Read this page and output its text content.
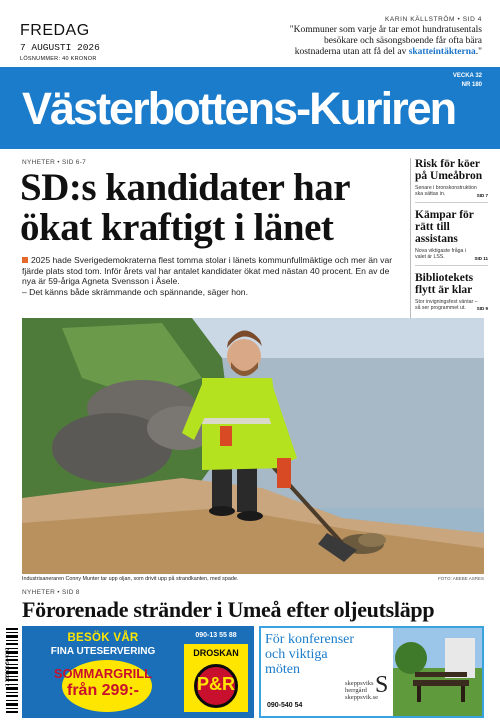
FREDAG
7 AUGUSTI 2026
LÖSNUMMER: 40 KRONOR
KARIN KÄLLSTRÖM • SID 4
"Kommuner som varje år tar emot hundratusentals
besökare och säsongsboende får ofta bära
kostnaderna utan att få del av skatteintäkterna."
Västerbottens-Kuriren
VECKA 32
NR 180
NYHETER • SID 6-7
SD:s kandidater har
ökat kraftigt i länet
2025 hade Sverigedemokraterna flest tomma stolar i länets kommunfullmäktige och mer än var fjärde plats stod tom. Inför årets val har antalet kandidater ökat med nästan 40 procent. En av de nya är 59-åriga Agneta Svensson i Åsele.
– Det känns både skrämmande och spännande, säger hon.
Risk för köer på Umeåbron
Senare i bronskonstruktion ska sättas in.	SID 7
Kämpar för rätt till assistans
Nova viktigaste fråga i valet är LSS.	SID 11
Bibliotekets flytt är klar
Stor invigningsfest väntar – så ser programmet ut.	SID 9
Industrisaneraren Conny Munter tar upp oljan, som drivit upp på strandkanten, med spade.	FOTO: ABEBE ASRES
NYHETER • SID 8
Förorenade stränder i Umeå efter oljeutsläpp
7 388100 504002
BESÖK VÅR
FINA UTESERVERING
SOMMARGRILL
från 299:-
090-13 55 88
DROSKAN
P&R
För konferenser
och viktiga
möten
090-540 54
skeppsviks
herrgård
skeppsvik.se
S
